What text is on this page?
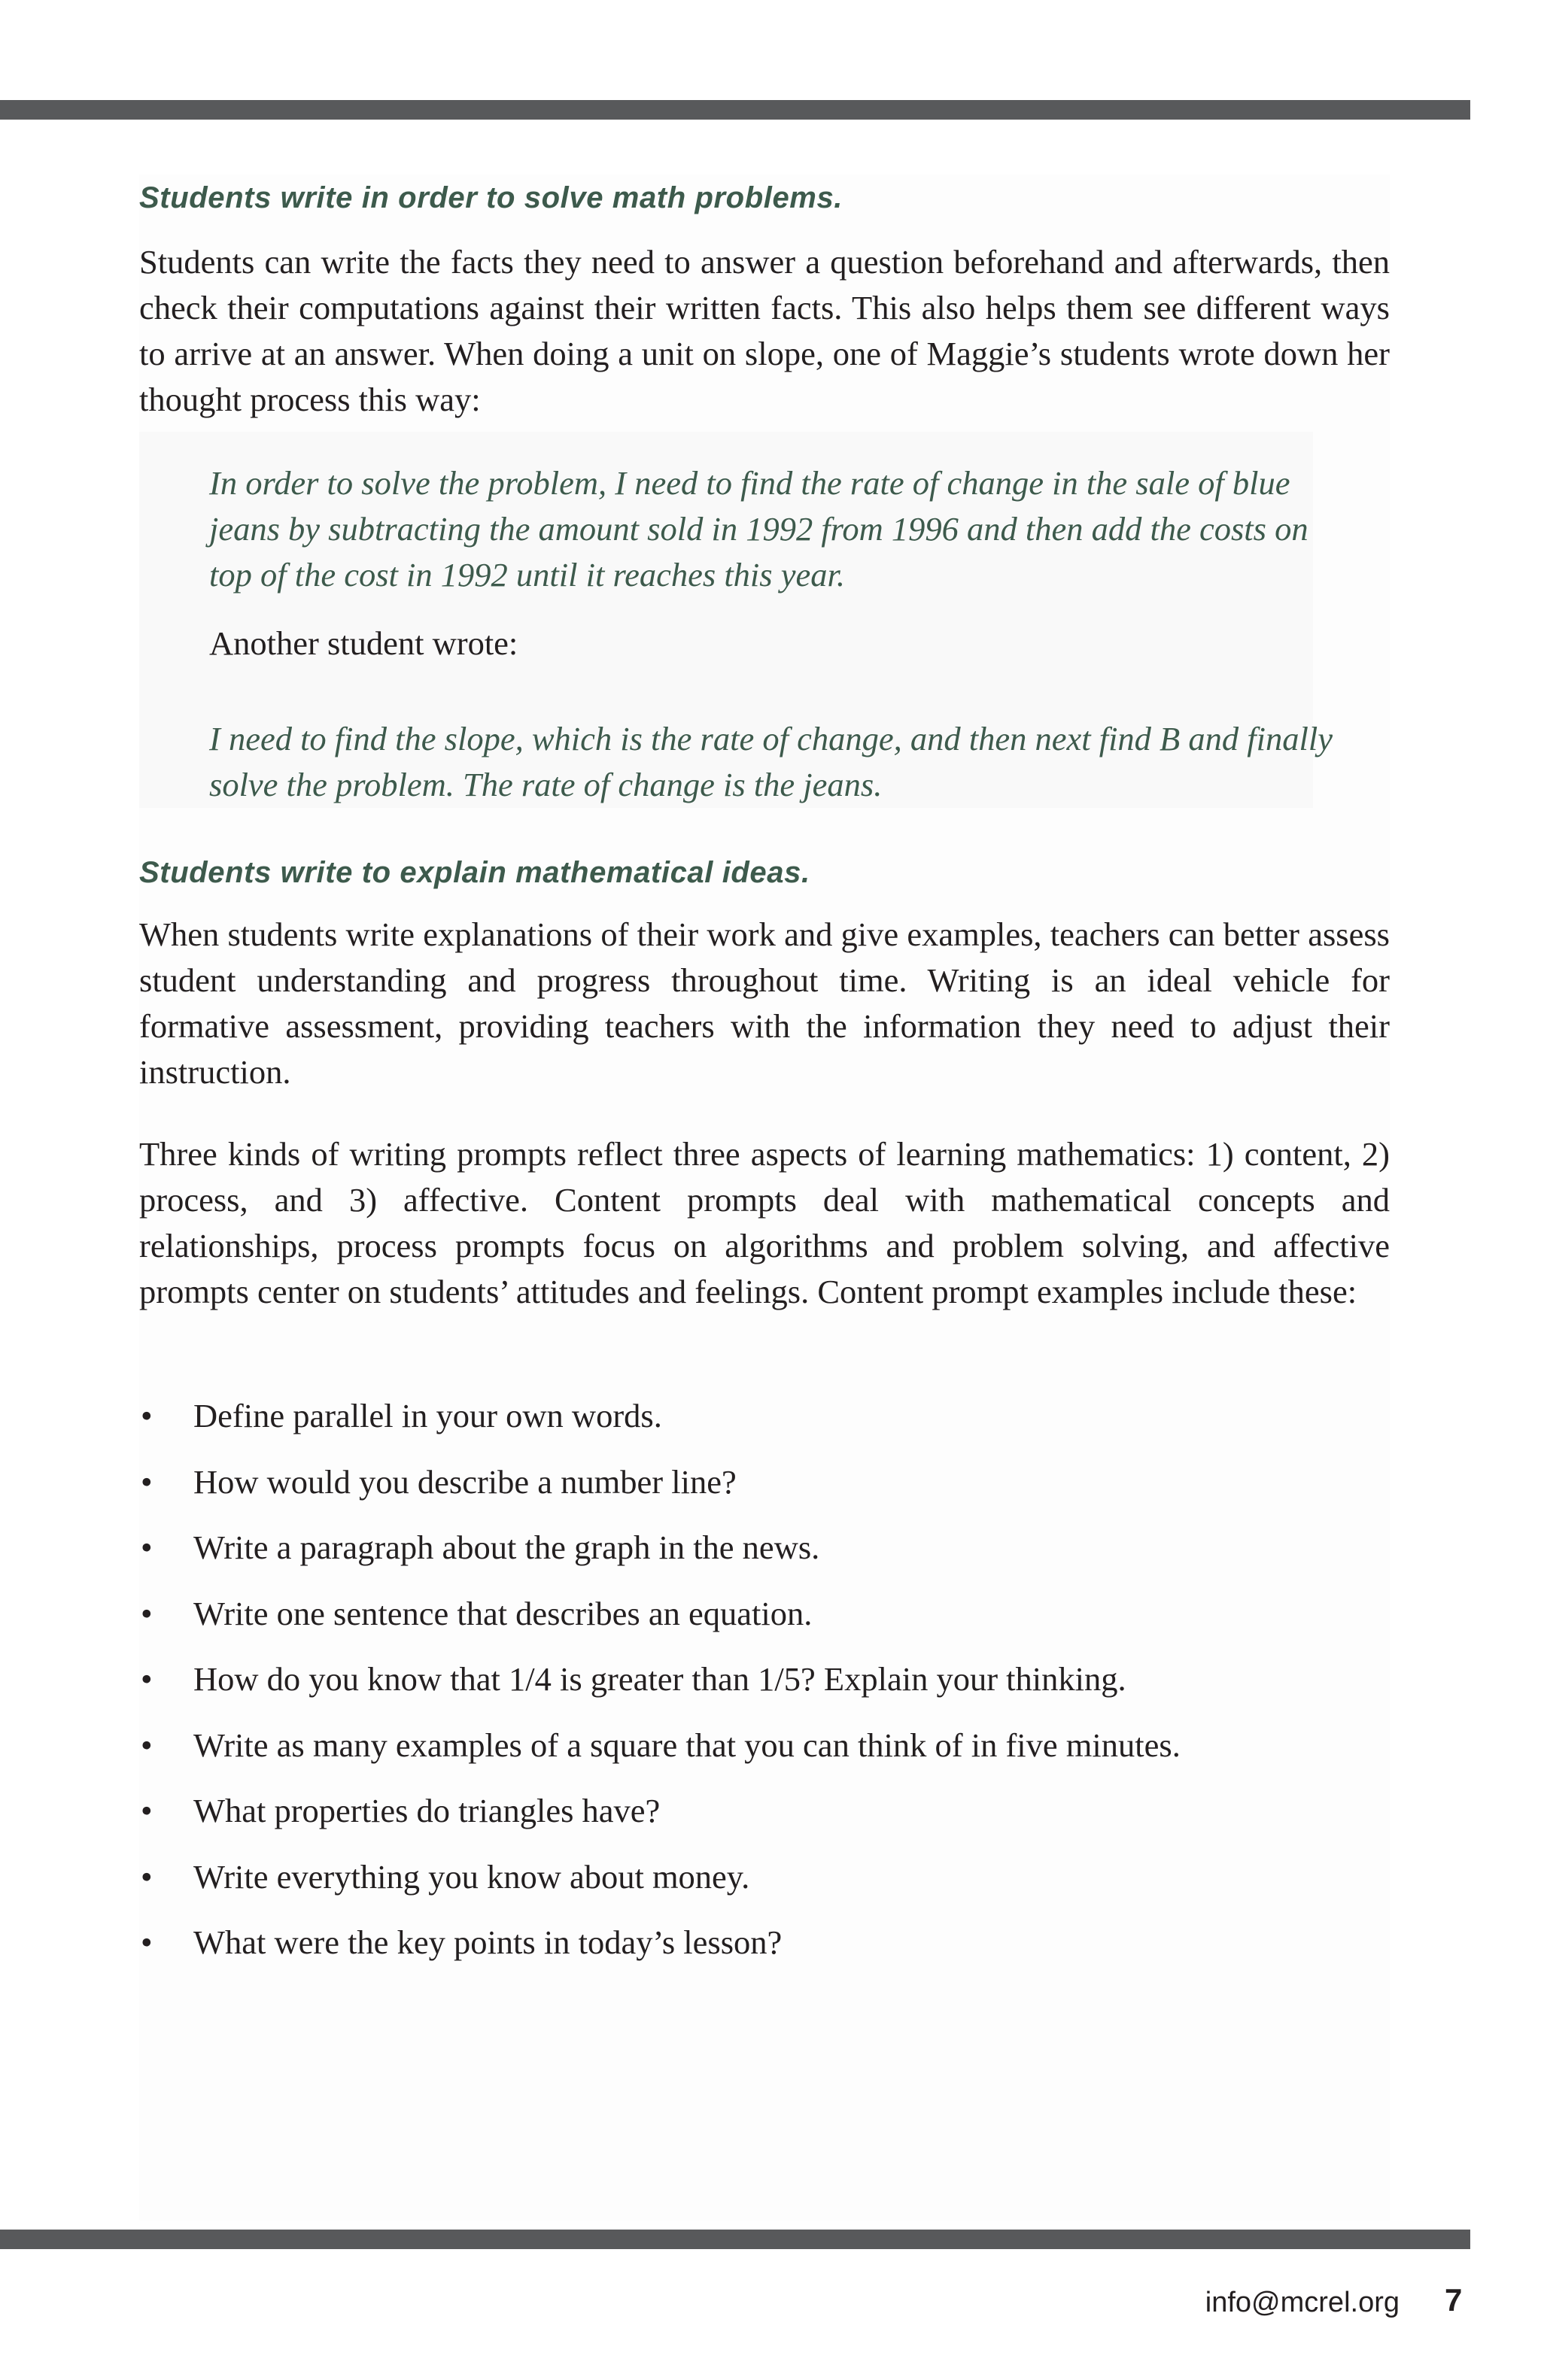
Students write in order to solve math problems.

Students can write the facts they need to answer a question beforehand and afterwards, then check their computations against their written facts. This also helps them see different ways to arrive at an answer. When doing a unit on slope, one of Maggie’s students wrote down her thought process this way:

In order to solve the problem, I need to find the rate of change in the sale of blue jeans by subtracting the amount sold in 1992 from 1996 and then add the costs on top of the cost in 1992 until it reaches this year.

Another student wrote:

I need to find the slope, which is the rate of change, and then next find B and finally solve the problem. The rate of change is the jeans.

Students write to explain mathematical ideas.

When students write explanations of their work and give examples, teachers can better assess student understanding and progress throughout time. Writing is an ideal vehicle for formative assessment, providing teachers with the information they need to adjust their instruction.

Three kinds of writing prompts reflect three aspects of learning mathematics: 1) content, 2) process, and 3) affective. Content prompts deal with mathematical concepts and relationships, process prompts focus on algorithms and problem solving, and affective prompts center on students’ attitudes and feelings. Content prompt examples include these:

• Define parallel in your own words.
• How would you describe a number line?
• Write a paragraph about the graph in the news.
• Write one sentence that describes an equation.
• How do you know that 1/4 is greater than 1/5? Explain your thinking.
• Write as many examples of a square that you can think of in five minutes.
• What properties do triangles have?
• Write everything you know about money.
• What were the key points in today’s lesson?
info@mcrel.org 7
